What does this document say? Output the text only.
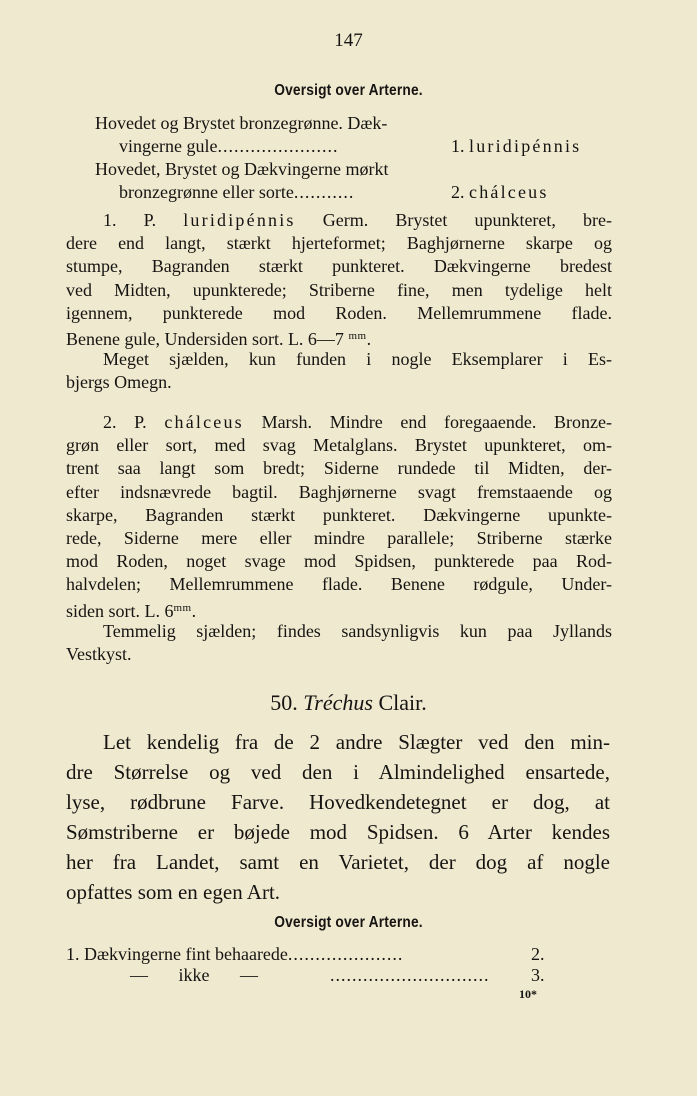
147
Oversigt over Arterne.
Hovedet og Brystet bronzegrønne. Dæk-
vingerne gule......................	1. luridipénnis
Hovedet, Brystet og Dækvingerne mørkt
bronzegrønne eller sorte...........	2. chálceus
1. P. luridipénnis Germ. Brystet upunkteret, bre-
dere end langt, stærkt hjerteformet; Baghjørnerne skarpe og
stumpe, Bagranden stærkt punkteret. Dækvingerne bredest
ved Midten, upunkterede; Striberne fine, men tydelige helt
igennem, punkterede mod Roden. Mellemrummene flade.
Benene gule, Undersiden sort. L. 6—7 $^{mm}$.
Meget sjælden, kun funden i nogle Eksemplarer i Es-
bjergs Omegn.
2. P. chálceus Marsh. Mindre end foregaaende. Bronze-
grøn eller sort, med svag Metalglans. Brystet upunkteret, om-
trent saa langt som bredt; Siderne rundede til Midten, der-
efter indsnævrede bagtil. Baghjørnerne svagt fremstaaende og
skarpe, Bagranden stærkt punkteret. Dækvingerne upunkte-
rede, Siderne mere eller mindre parallele; Striberne stærke
mod Roden, noget svage mod Spidsen, punkterede paa Rod-
halvdelen; Mellemrummene flade. Benene rødgule, Under-
siden sort. L. $6^{mm}$.
Temmelig sjælden; findes sandsynligvis kun paa Jyllands
Vestkyst.
50. Tréchus Clair.
Let kendelig fra de 2 andre Slægter ved den min-
dre Størrelse og ved den i Almindelighed ensartede,
lyse, rødbrune Farve. Hovedkendetegnet er dog, at
Sømstriberne er bøjede mod Spidsen. 6 Arter kendes
her fra Landet, samt en Varietet, der dog af nogle
opfattes som en egen Art.
Oversigt over Arterne.
1. Dækvingerne fint behaarede.....................	2.
— ikke —	............................. 3.
10*
